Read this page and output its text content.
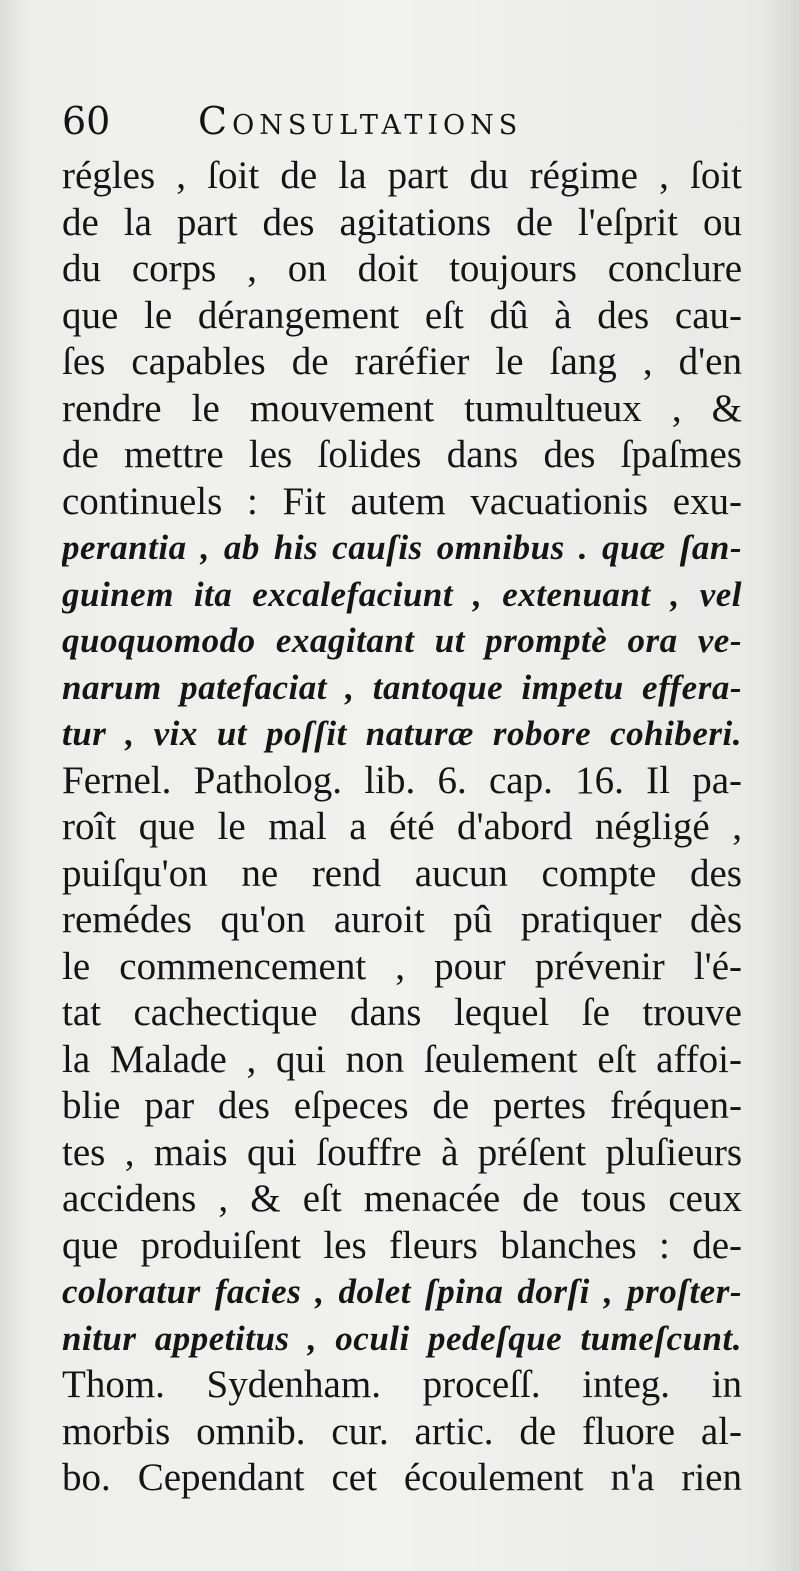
60 Consultations
régles , ſoit de la part du régime , ſoit
de la part des agitations de l'eſprit ou
du corps , on doit toujours conclure
que le dérangement eſt dû à des cau-
ſes capables de raréfier le ſang , d'en
rendre le mouvement tumultueux , &
de mettre les ſolides dans des ſpaſmes
continuels : Fit autem vacuationis exu-
perantia , ab his cauſis omnibus . quæ ſan-
guinem ita excalefaciunt , extenuant , vel
quoquomodo exagitant ut promptè ora ve-
narum patefaciat , tantoque impetu effera-
tur , vix ut poſſit naturæ robore cohiberi.
Fernel. Patholog. lib. 6. cap. 16. Il pa-
roît que le mal a été d'abord négligé ,
puiſqu'on ne rend aucun compte des
remédes qu'on auroit pû pratiquer dès
le commencement , pour prévenir l'é-
tat cachectique dans lequel ſe trouve
la Malade , qui non ſeulement eſt affoi-
blie par des eſpeces de pertes fréquen-
tes , mais qui ſouffre à préſent pluſieurs
accidens , & eſt menacée de tous ceux
que produiſent les fleurs blanches : de-
coloratur facies , dolet ſpina dorſi , proſter-
nitur appetitus , oculi pedeſque tumeſcunt.
Thom. Sydenham. proceſſ. integ. in
morbis omnib. cur. artic. de fluore al-
bo. Cependant cet écoulement n'a rien
